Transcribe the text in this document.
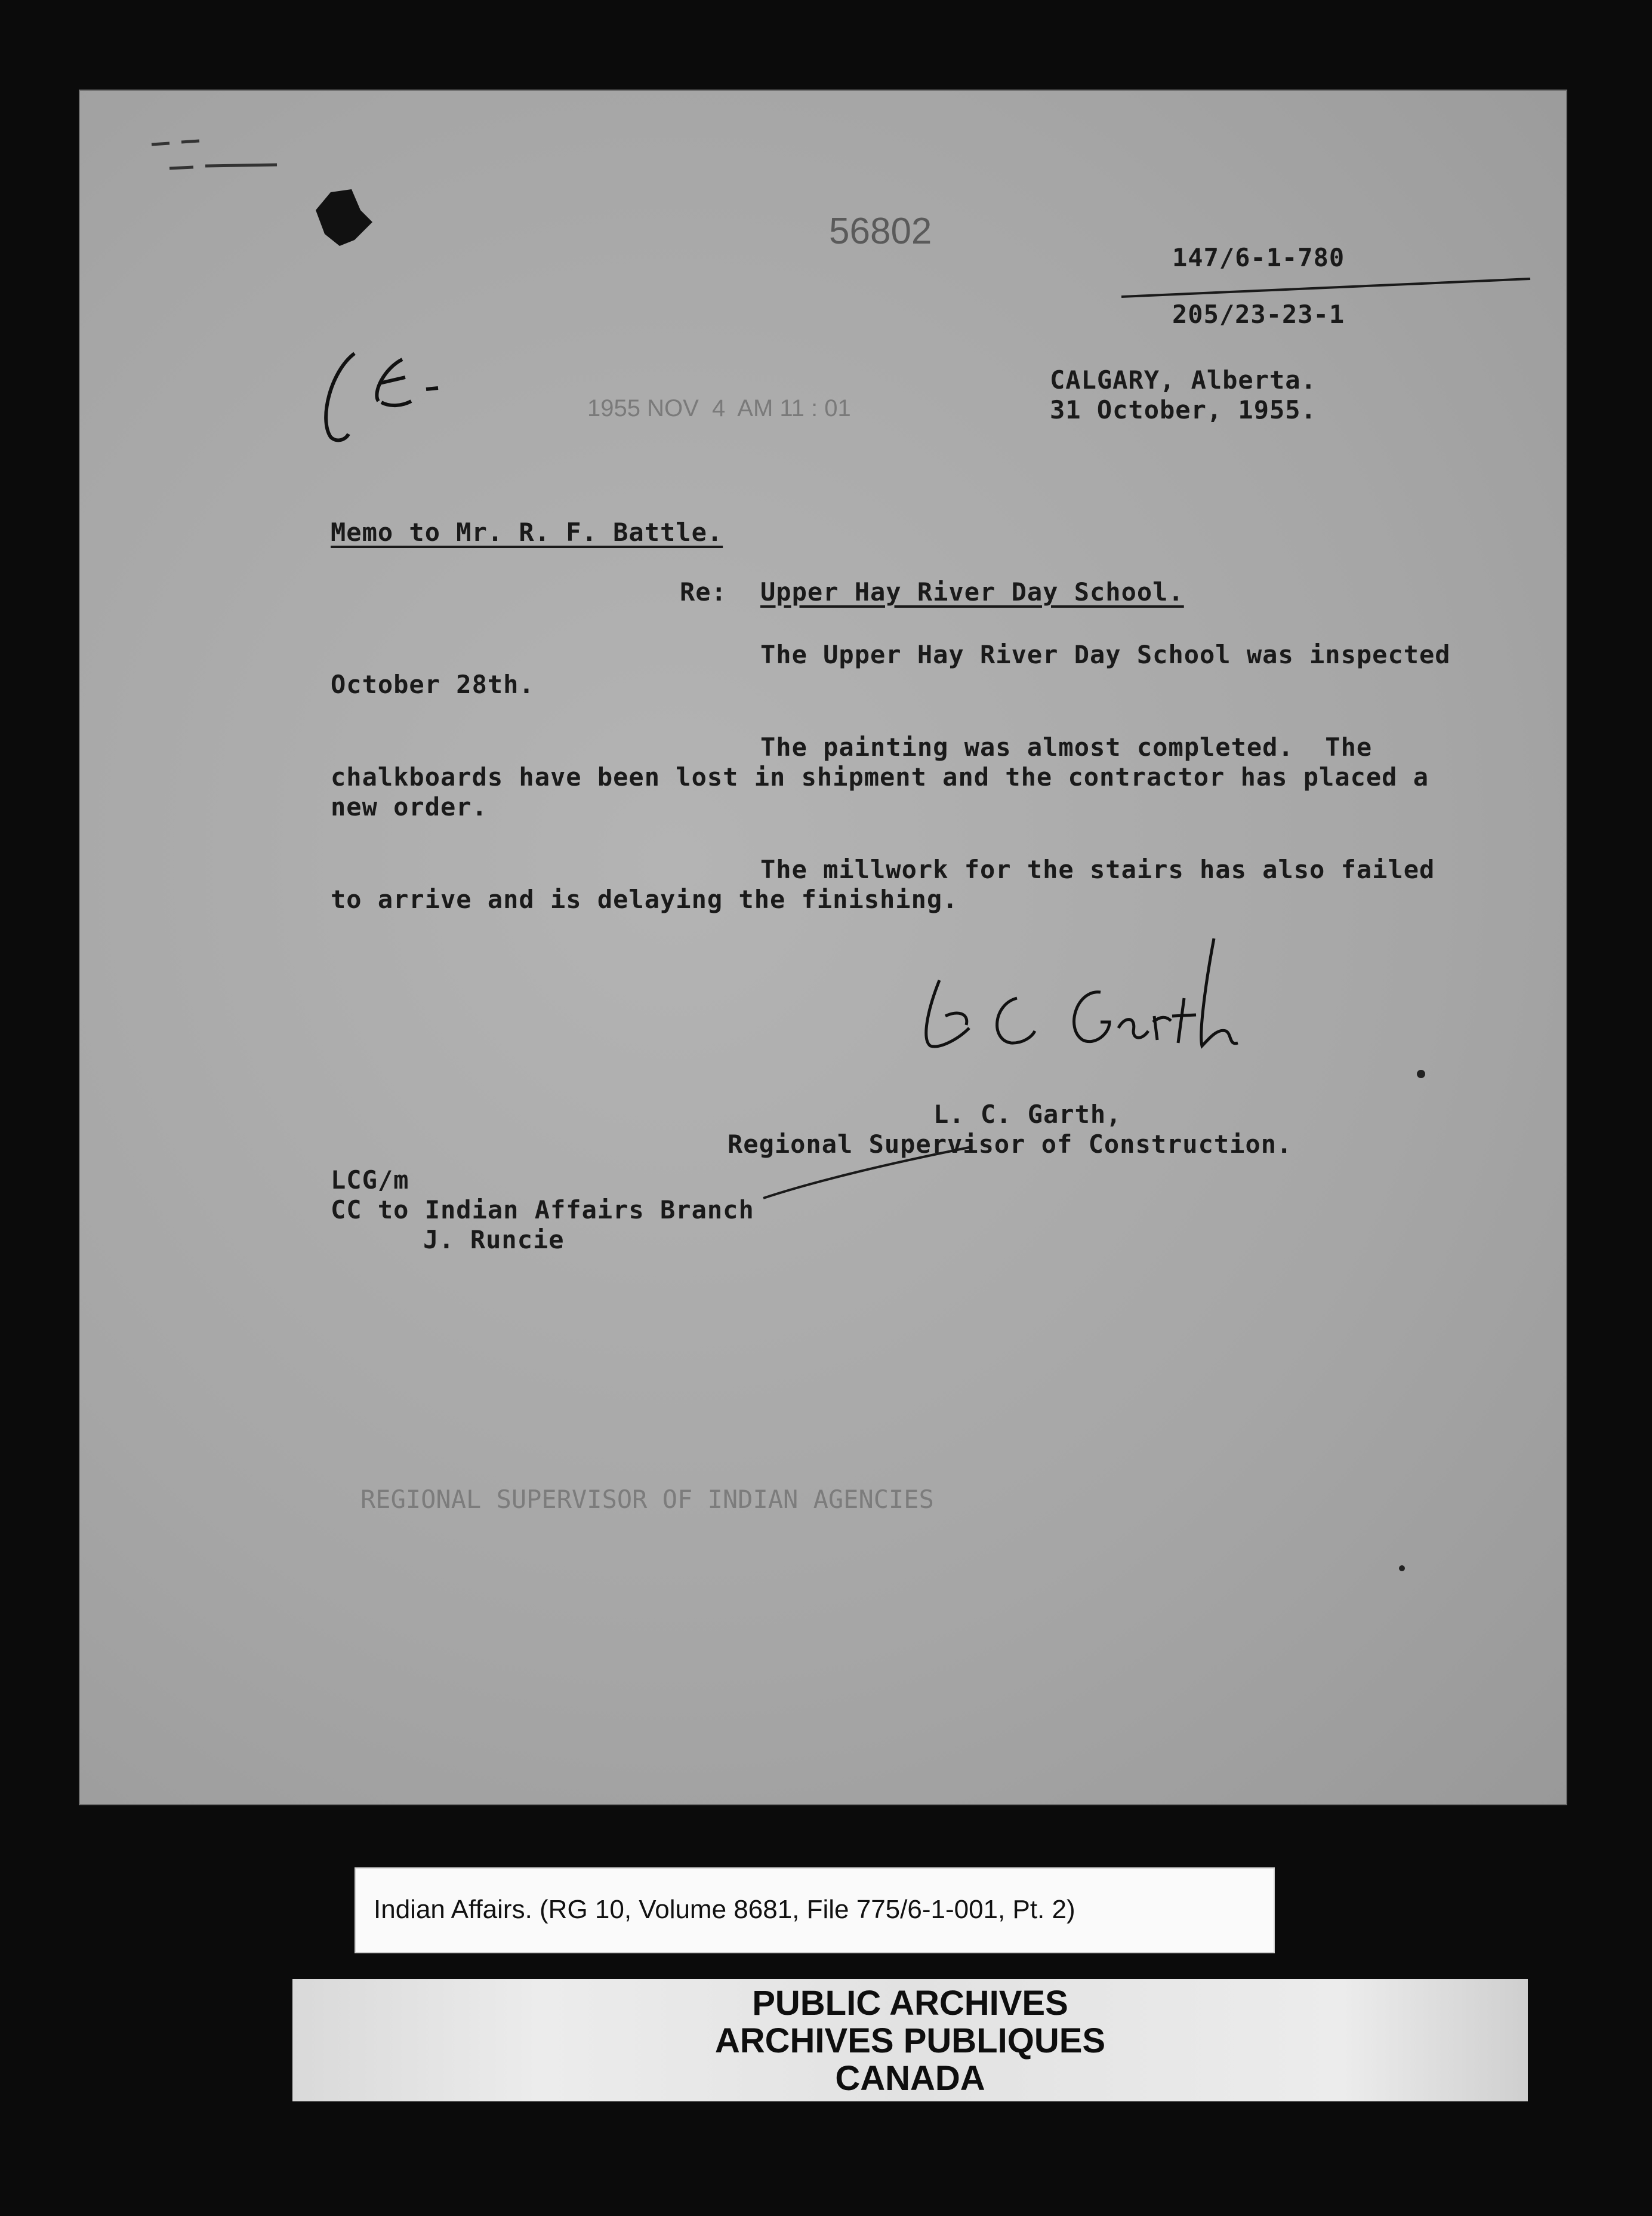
56802
147/6-1-780
205/23-23-1
1955 NOV  4  AM 11 : 01
CALGARY, Alberta.
31 October, 1955.
Memo to Mr. R. F. Battle.
Re: Upper Hay River Day School.
The Upper Hay River Day School was inspected
October 28th.
The painting was almost completed.  The
chalkboards have been lost in shipment and the contractor has placed a
new order.
The millwork for the stairs has also failed
to arrive and is delaying the finishing.
L. C. Garth,
Regional Supervisor of Construction.
LCG/m
CC to Indian Affairs Branch
J. Runcie
REGIONAL SUPERVISOR OF INDIAN AGENCIES
Indian Affairs. (RG 10, Volume 8681, File 775/6-1-001, Pt. 2)
PUBLIC ARCHIVES
ARCHIVES PUBLIQUES
CANADA
